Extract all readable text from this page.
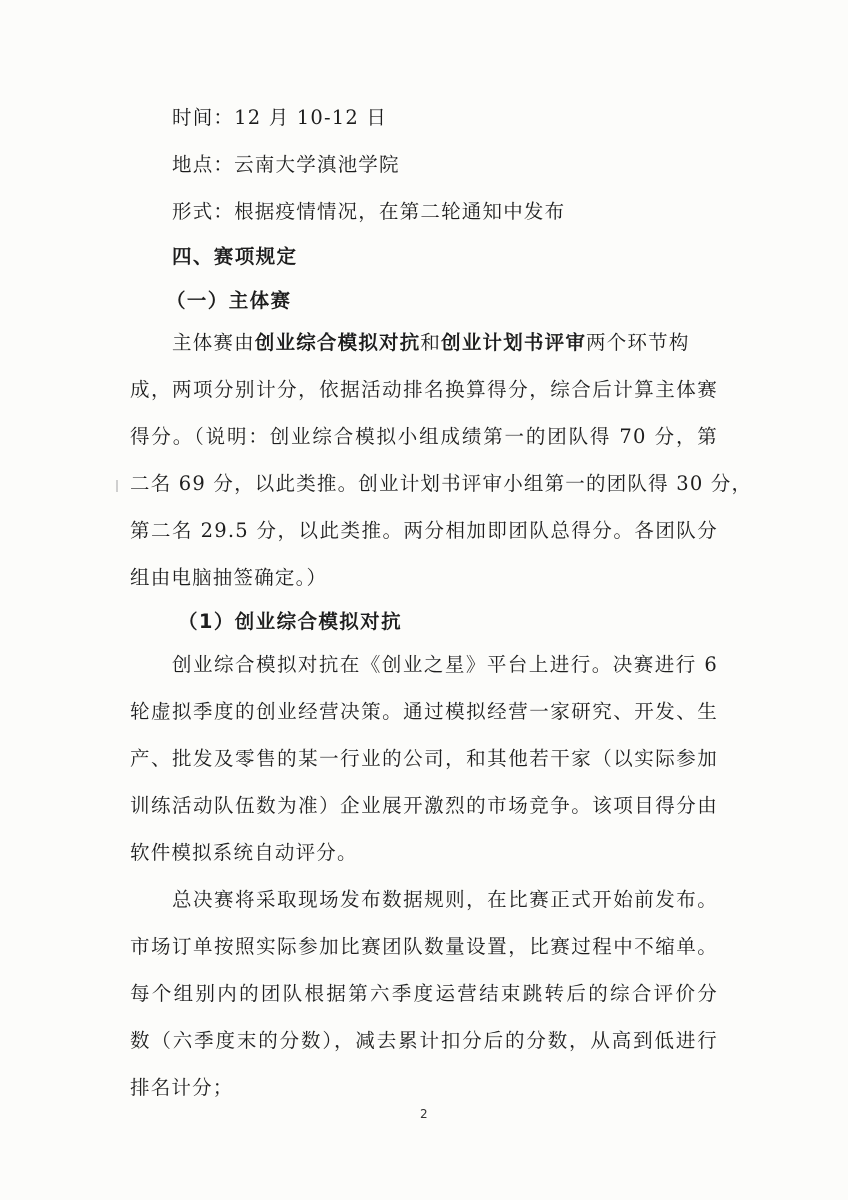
时间：12 月 10-12 日
地点：云南大学滇池学院
形式：根据疫情情况，在第二轮通知中发布
四、赛项规定
（一）主体赛
主体赛由创业综合模拟对抗和创业计划书评审两个环节构
成，两项分别计分，依据活动排名换算得分，综合后计算主体赛
得分。（说明：创业综合模拟小组成绩第一的团队得 70 分，第
二名 69 分，以此类推。创业计划书评审小组第一的团队得 30 分，
第二名 29.5 分，以此类推。两分相加即团队总得分。各团队分
组由电脑抽签确定。）
（1）创业综合模拟对抗
创业综合模拟对抗在《创业之星》平台上进行。决赛进行 6
轮虚拟季度的创业经营决策。通过模拟经营一家研究、开发、生
产、批发及零售的某一行业的公司，和其他若干家（以实际参加
训练活动队伍数为准）企业展开激烈的市场竞争。该项目得分由
软件模拟系统自动评分。
总决赛将采取现场发布数据规则，在比赛正式开始前发布。
市场订单按照实际参加比赛团队数量设置，比赛过程中不缩单。
每个组别内的团队根据第六季度运营结束跳转后的综合评价分
数（六季度末的分数），减去累计扣分后的分数，从高到低进行
排名计分；
2
